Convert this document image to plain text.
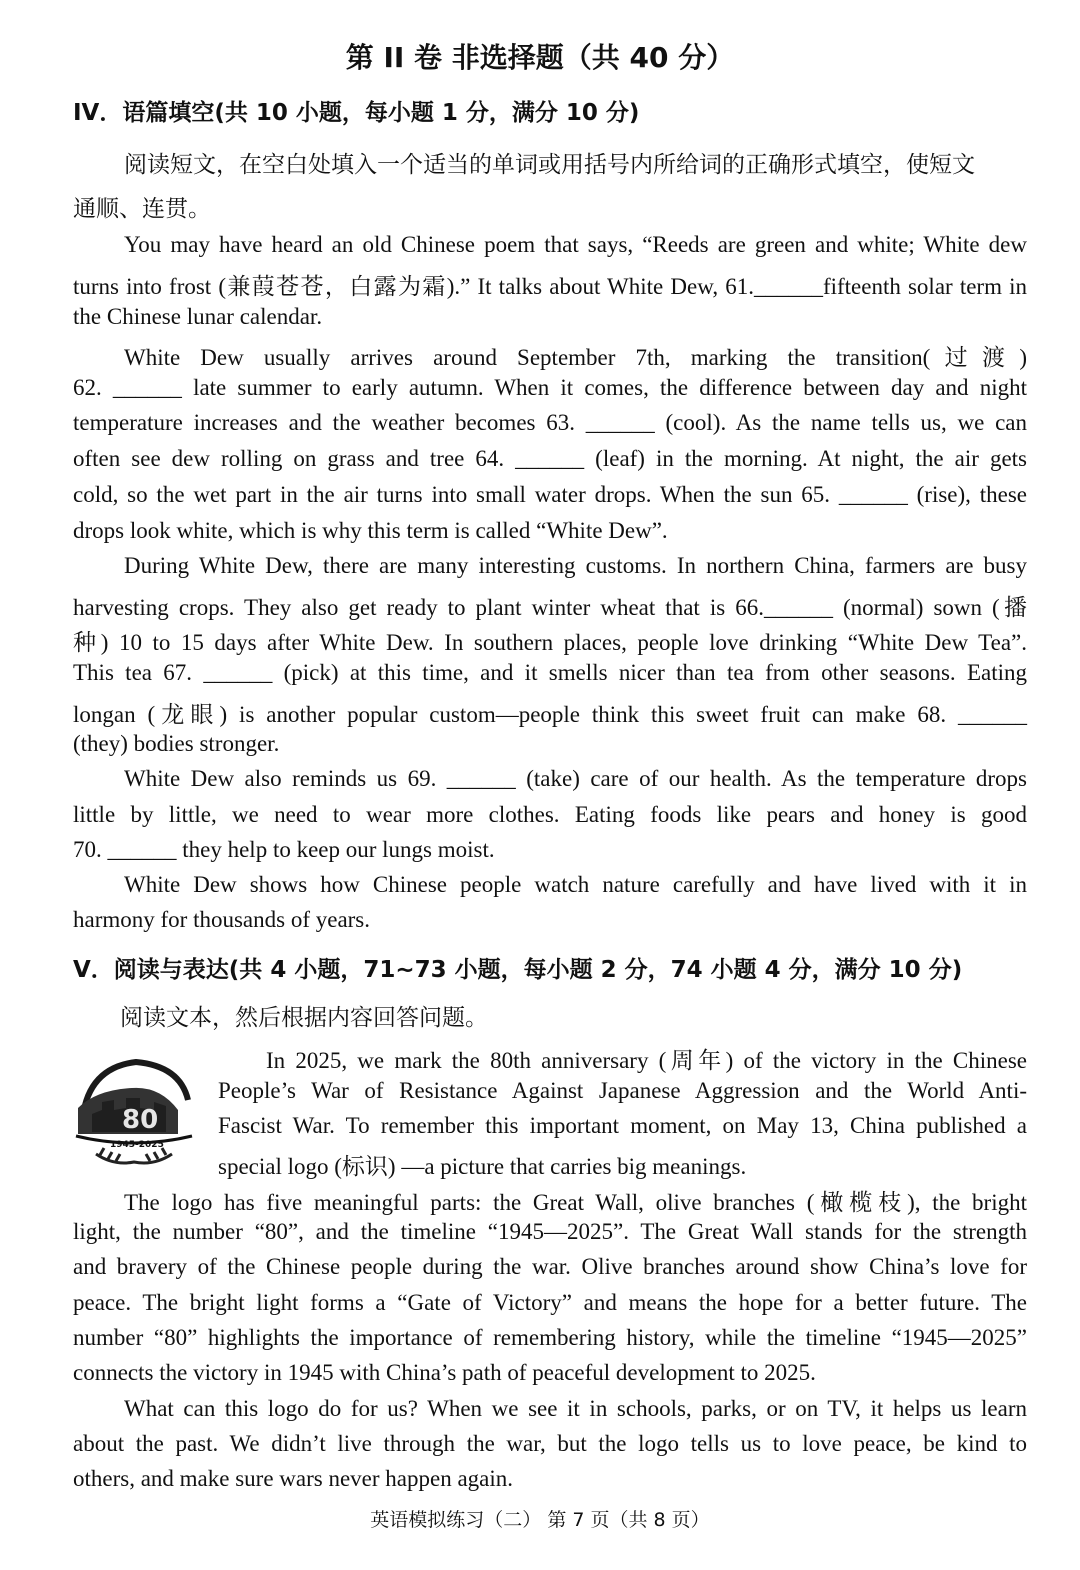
第 II 卷 非选择题（共 40 分）
IV．语篇填空(共 10 小题，每小题 1 分，满分 10 分)
阅读短文，在空白处填入一个适当的单词或用括号内所给词的正确形式填空，使短文
通顺、连贯。
You may have heard an old Chinese poem that says, “Reeds are green and white; White dew
turns into frost (兼葭苍苍，白露为霜).” It talks about White Dew, 61.______fifteenth solar term in
the Chinese lunar calendar.
White Dew usually arrives around September 7th, marking the transition(过渡)
62. ______ late summer to early autumn. When it comes, the difference between day and night
temperature increases and the weather becomes 63. ______ (cool). As the name tells us, we can
often see dew rolling on grass and tree 64. ______ (leaf) in the morning. At night, the air gets
cold, so the wet part in the air turns into small water drops. When the sun 65. ______ (rise), these
drops look white, which is why this term is called “White Dew”.
During White Dew, there are many interesting customs. In northern China, farmers are busy
harvesting crops. They also get ready to plant winter wheat that is 66.______ (normal) sown (播
种) 10 to 15 days after White Dew. In southern places, people love drinking “White Dew Tea”.
This tea 67. ______ (pick) at this time, and it smells nicer than tea from other seasons. Eating
longan (龙眼) is another popular custom—people think this sweet fruit can make 68. ______
(they) bodies stronger.
White Dew also reminds us 69. ______ (take) care of our health. As the temperature drops
little by little, we need to wear more clothes. Eating foods like pears and honey is good
70. ______ they help to keep our lungs moist.
White Dew shows how Chinese people watch nature carefully and have lived with it in
harmony for thousands of years.
V．阅读与表达(共 4 小题，71~73 小题，每小题 2 分，74 小题 4 分，满分 10 分)
阅读文本，然后根据内容回答问题。
80
1945-2025
In 2025, we mark the 80th anniversary (周年) of the victory in the Chinese
People’s War of Resistance Against Japanese Aggression and the World Anti-
Fascist War. To remember this important moment, on May 13, China published a
special logo (标识) —a picture that carries big meanings.
The logo has five meaningful parts: the Great Wall, olive branches (橄榄枝), the bright
light, the number “80”, and the timeline “1945—2025”. The Great Wall stands for the strength
and bravery of the Chinese people during the war. Olive branches around show China’s love for
peace. The bright light forms a “Gate of Victory” and means the hope for a better future. The
number “80” highlights the importance of remembering history, while the timeline “1945—2025”
connects the victory in 1945 with China’s path of peaceful development to 2025.
What can this logo do for us? When we see it in schools, parks, or on TV, it helps us learn
about the past. We didn’t live through the war, but the logo tells us to love peace, be kind to
others, and make sure wars never happen again.
英语模拟练习（二） 第 7 页（共 8 页）
